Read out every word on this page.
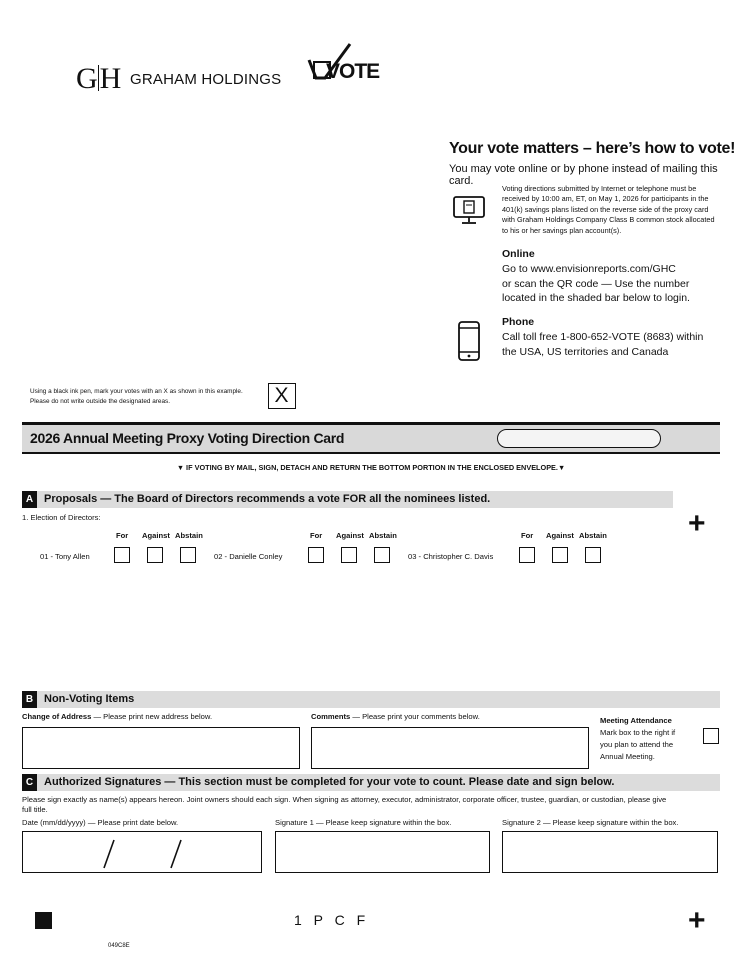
G H GRAHAM HOLDINGS VOTE
Your vote matters – here’s how to vote!
You may vote online or by phone instead of mailing this card.
Voting directions submitted by Internet or telephone must be received by 10:00 am, ET, on May 1, 2026 for participants in the 401(k) savings plans listed on the reverse side of the proxy card with Graham Holdings Company Class B common stock allocated to his or her savings plan account(s).
Online
Go to www.envisionreports.com/GHC
or scan the QR code — Use the number
located in the shaded bar below to login.
Phone
Call toll free 1-800-652-VOTE (8683) within
the USA, US territories and Canada
Using a black ink pen, mark your votes with an X as shown in this example.
Please do not write outside the designated areas.	X
2026 Annual Meeting Proxy Voting Direction Card
▼ IF VOTING BY MAIL, SIGN, DETACH AND RETURN THE BOTTOM PORTION IN THE ENCLOSED ENVELOPE.▼
A Proposals — The Board of Directors recommends a vote FOR all the nominees listed.
1. Election of Directors:	+
For Against Abstain	For Against Abstain	For Against Abstain
01 - Tony Allen	02 - Danielle Conley	03 - Christopher C. Davis
B Non-Voting Items
Change of Address — Please print new address below.	Comments — Please print your comments below.	Meeting Attendance
Mark box to the right if
you plan to attend the
Annual Meeting.
C Authorized Signatures — This section must be completed for your vote to count. Please date and sign below.
Please sign exactly as name(s) appears hereon. Joint owners should each sign. When signing as attorney, executor, administrator, corporate officer, trustee, guardian, or custodian, please give
full title.
Date (mm/dd/yyyy) — Please print date below.	Signature 1 — Please keep signature within the box.	Signature 2 — Please keep signature within the box.
1 P C F	+
049C8E
